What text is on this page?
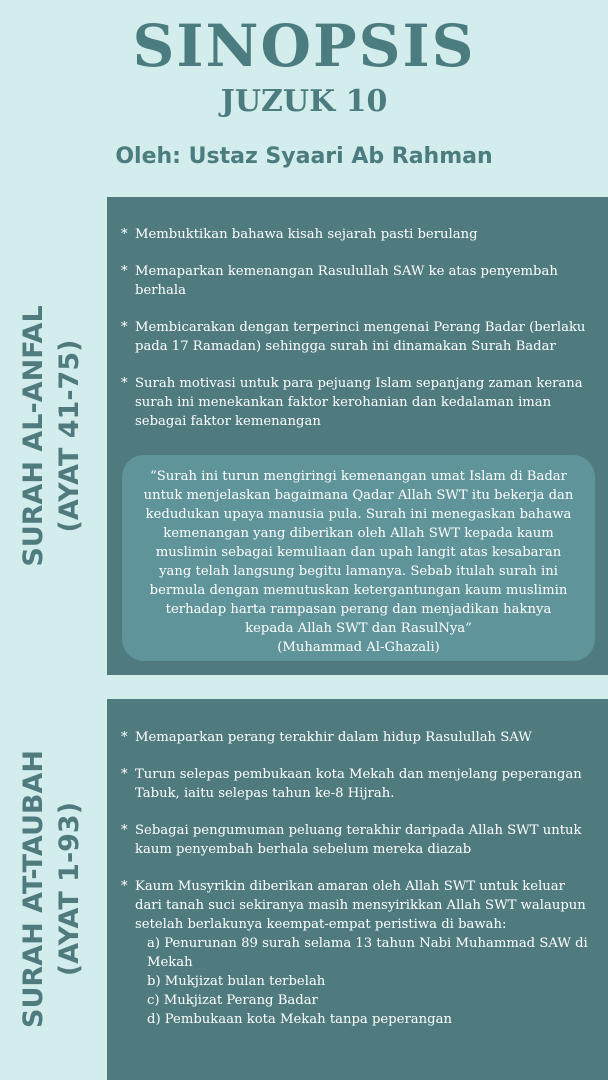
SINOPSIS
JUZUK 10
Oleh: Ustaz Syaari Ab Rahman
SURAH AL-ANFAL (AYAT 41-75)
* Membuktikan bahawa kisah sejarah pasti berulang
* Memaparkan kemenangan Rasulullah SAW ke atas penyembah berhala
* Membicarakan dengan terperinci mengenai Perang Badar (berlaku pada 17 Ramadan) sehingga surah ini dinamakan Surah Badar
* Surah motivasi untuk para pejuang Islam sepanjang zaman kerana surah ini menekankan faktor kerohanian dan kedalaman iman sebagai faktor kemenangan
“Surah ini turun mengiringi kemenangan umat Islam di Badar untuk menjelaskan bagaimana Qadar Allah SWT itu bekerja dan kedudukan upaya manusia pula. Surah ini menegaskan bahawa kemenangan yang diberikan oleh Allah SWT kepada kaum muslimin sebagai kemuliaan dan upah langit atas kesabaran yang telah langsung begitu lamanya. Sebab itulah surah ini bermula dengan memutuskan ketergantungan kaum muslimin terhadap harta rampasan perang dan menjadikan haknya kepada Allah SWT dan RasulNya”
(Muhammad Al-Ghazali)
SURAH AT-TAUBAH (AYAT 1-93)
* Memaparkan perang terakhir dalam hidup Rasulullah SAW
* Turun selepas pembukaan kota Mekah dan menjelang peperangan Tabuk, iaitu selepas tahun ke-8 Hijrah.
* Sebagai pengumuman peluang terakhir daripada Allah SWT untuk kaum penyembah berhala sebelum mereka diazab
* Kaum Musyrikin diberikan amaran oleh Allah SWT untuk keluar dari tanah suci sekiranya masih mensyirikkan Allah SWT walaupun setelah berlakunya keempat-empat peristiwa di bawah:
a) Penurunan 89 surah selama 13 tahun Nabi Muhammad SAW di Mekah
b) Mukjizat bulan terbelah
c) Mukjizat Perang Badar
d) Pembukaan kota Mekah tanpa peperangan
